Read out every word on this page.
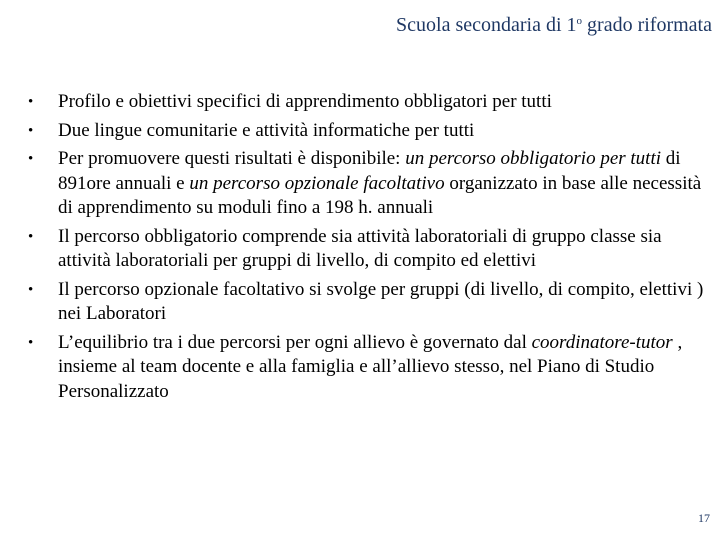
Scuola secondaria di 1$^o$ grado riformata
• Profilo e obiettivi specifici di apprendimento obbligatori per tutti
• Due lingue comunitarie e attività informatiche per tutti
• Per promuovere questi risultati è disponibile: un percorso obbligatorio per tutti di 891ore annuali e un percorso opzionale facoltativo organizzato in base alle necessità di apprendimento su moduli fino a 198 h. annuali
• Il percorso obbligatorio comprende sia attività laboratoriali di gruppo classe sia attività laboratoriali per gruppi di livello, di compito ed elettivi
• Il percorso opzionale facoltativo si svolge per gruppi (di livello, di compito, elettivi ) nei Laboratori
• L’equilibrio tra i due percorsi per ogni allievo è governato dal coordinatore-tutor , insieme al team docente e alla famiglia e all’allievo stesso, nel Piano di Studio Personalizzato
17
